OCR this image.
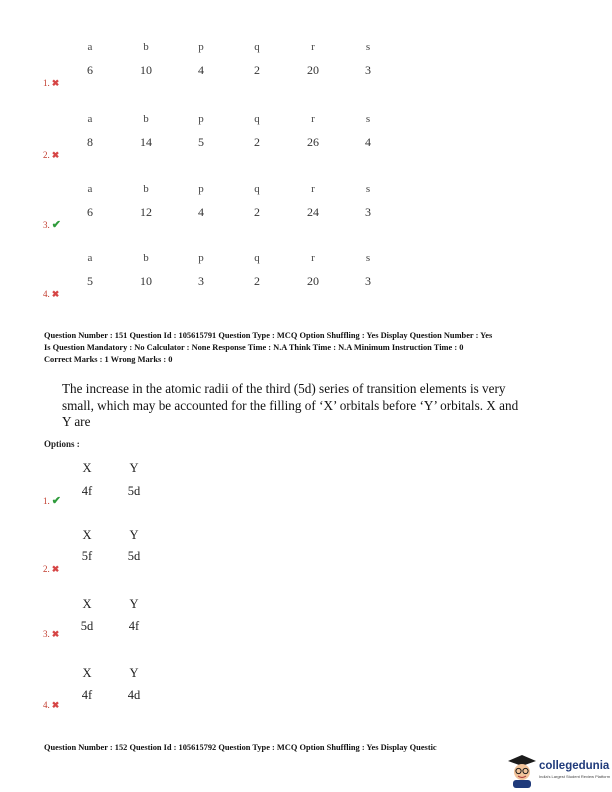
a	b	p	q	r	s
6	10	4	2	20	3
1. ✖
a	b	p	q	r	s
8	14	5	2	26	4
2. ✖
a	b	p	q	r	s
6	12	4	2	24	3
3. ✔
a	b	p	q	r	s
5	10	3	2	20	3
4. ✖
Question Number : 151 Question Id : 105615791 Question Type : MCQ Option Shuffling : Yes Display Question Number : Yes
Is Question Mandatory : No Calculator : None Response Time : N.A Think Time : N.A Minimum Instruction Time : 0
Correct Marks : 1 Wrong Marks : 0
The increase in the atomic radii of the third (5d) series of transition elements is very
small, which may be accounted for the filling of ‘X’ orbitals before ‘Y’ orbitals. X and
Y are
Options :
X	Y
4f	5d
1. ✔
X	Y
5f	5d
2. ✖
X	Y
5d	4f
3. ✖
X	Y
4f	4d
4. ✖
Question Number : 152 Question Id : 105615792 Question Type : MCQ Option Shuffling : Yes Display Questic
collegedunia
India's Largest Student Review Platform
